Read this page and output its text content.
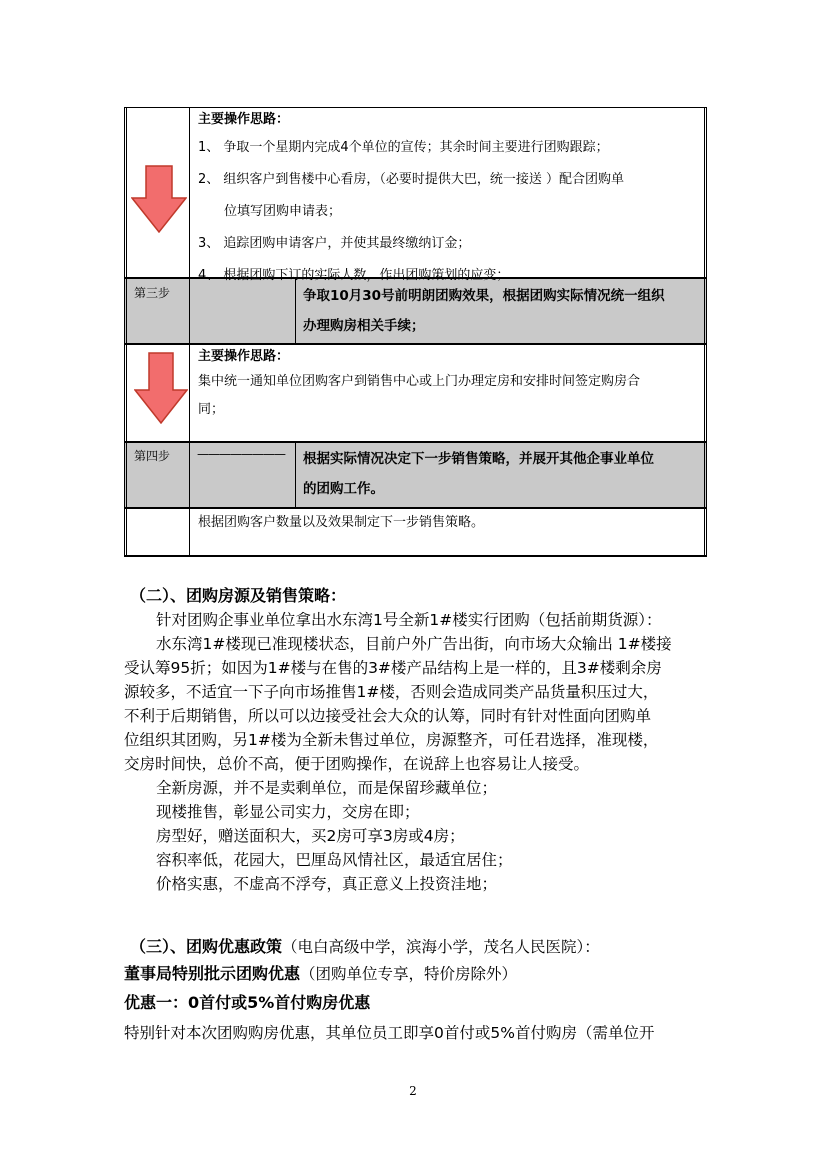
主要操作思路：
1、 争取一个星期内完成4个单位的宣传；其余时间主要进行团购跟踪；
2、 组织客户到售楼中心看房，（必要时提供大巴，统一接送 ）配合团购单
位填写团购申请表；
3、 追踪团购申请客户，并使其最终缴纳订金；
4、 根据团购下订的实际人数，作出团购策划的应变；
第三步	争取10月30号前明朗团购效果，根据团购实际情况统一组织
办理购房相关手续；
主要操作思路：
集中统一通知单位团购客户到销售中心或上门办理定房和安排时间签定购房合
同；
第四步 ———————— 根据实际情况决定下一步销售策略，并展开其他企事业单位
的团购工作。
根据团购客户数量以及效果制定下一步销售策略。
（二）、团购房源及销售策略：
针对团购企事业单位拿出水东湾1号全新1#楼实行团购（包括前期货源）：
水东湾1#楼现已准现楼状态，目前户外广告出街，向市场大众输出 1#楼接
受认筹95折；如因为1#楼与在售的3#楼产品结构上是一样的，且3#楼剩余房
源较多，不适宜一下子向市场推售1#楼，否则会造成同类产品货量积压过大，
不利于后期销售，所以可以边接受社会大众的认筹，同时有针对性面向团购单
位组织其团购，另1#楼为全新未售过单位，房源整齐，可任君选择，准现楼，
交房时间快，总价不高，便于团购操作，在说辞上也容易让人接受。
全新房源，并不是卖剩单位，而是保留珍藏单位；
现楼推售，彰显公司实力，交房在即；
房型好，赠送面积大，买2房可享3房或4房；
容积率低，花园大，巴厘岛风情社区，最适宜居住；
价格实惠，不虚高不浮夸，真正意义上投资洼地；
（三）、团购优惠政策（电白高级中学，滨海小学，茂名人民医院）：
董事局特别批示团购优惠（团购单位专享，特价房除外）
优惠一：0首付或5%首付购房优惠
特别针对本次团购购房优惠，其单位员工即享0首付或5%首付购房（需单位开
2
